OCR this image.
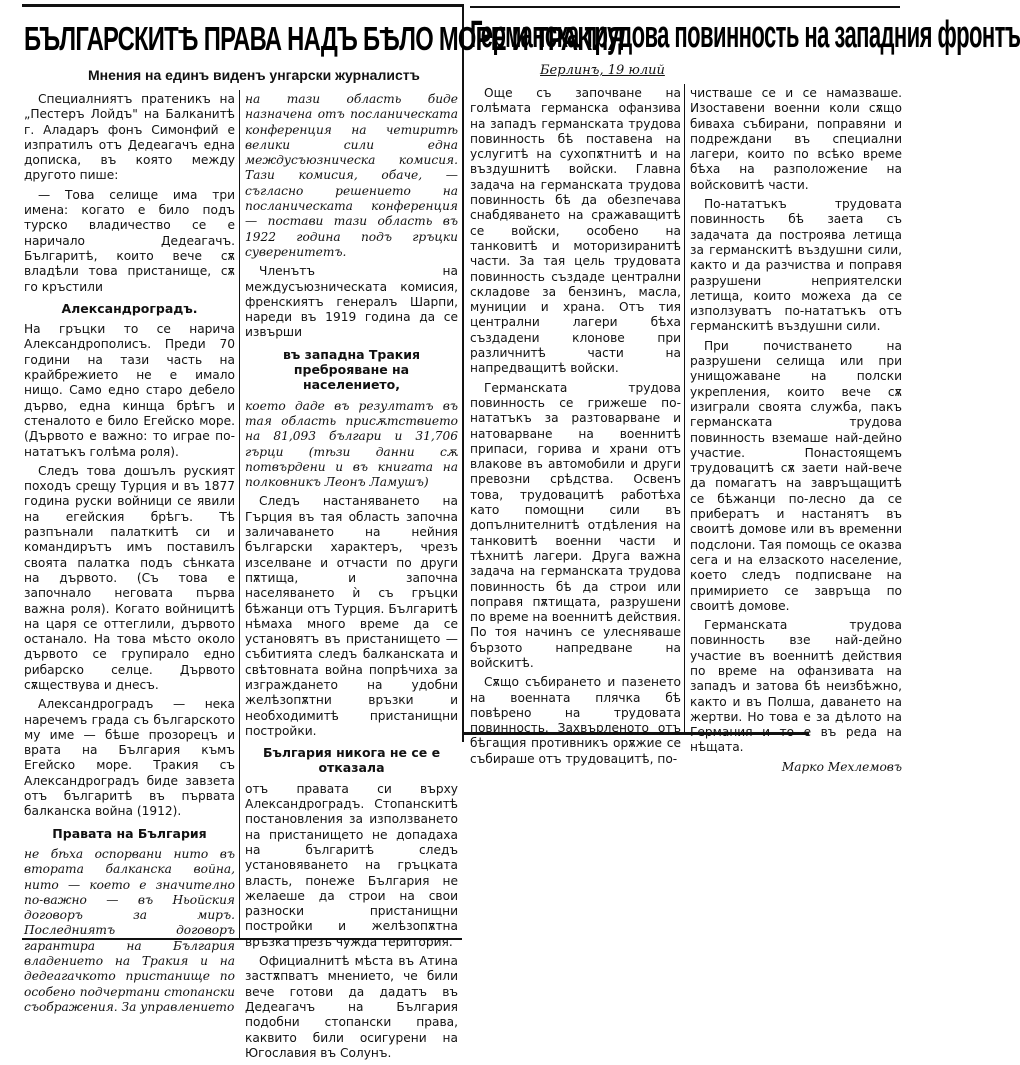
БЪЛГАРСКИТѢ ПРАВА НАДЪ БѢЛО МОРЕ И ТРАКИЯ
Мнения на единъ виденъ унгарски журналистъ

Специалниятъ пратеникъ на „Пестеръ Лойдъ" на Балканитѣ г. Аладаръ фонъ Симонфий е изпратилъ отъ Дедеагачъ една дописка, въ която между другото пише:

— Това селище има три имена: когато е било подъ турско владичество се е наричало Дедеагачъ. Българитѣ, които вече сѫ владѣли това пристанище, сѫ го кръстили

Александроградъ.

На гръцки то се нарича Александрополисъ. Преди 70 години на тази часть на крайбрежието не е имало нищо. Само едно старо дебело дърво, една кинща брѣгъ и стеналото е било Егейско море. (Дървото е важно: то играе по-нататъкъ голѣма роля).

Следъ това дошълъ руският походъ срещу Турция и въ 1877 година руски войници се явили на егейския брѣгъ. Тѣ разпънали палаткитѣ си и командирътъ имъ поставилъ своята палатка подъ сѣнката на дървото. (Съ това е започнало неговата първа важна роля). Когато войницитѣ на царя се оттеглили, дървото останало. На това мѣсто около дървото се групирало едно рибарско селце. Дървото сѫществува и днесъ.

Александроградъ — нека наречемъ града съ българското му име — бѣше прозорецъ и врата на България къмъ Егейско море. Тракия съ Александроградъ биде завзета отъ българитѣ въ първата балканска война (1912).

Правата на България

не бѣха оспорвани нито въ втората балканска война, нито — което е значително по-важно — въ Ньойския договоръ за миръ. Последниятъ договоръ гарантира на България владението на Тракия и на дедеагачкото пристанище по особено подчертани стопански съображения. За управлението

на тази область биде назначена отъ посланическата конференция на четиритѣ велики сили една междусъюзническа комисия. Тази комисия, обаче, — съгласно решението на посланическата конференция — постави тази область въ 1922 година подъ гръцки суверенитетъ.

Членътъ на междусъюзническата комисия, френскиятъ генералъ Шарпи, нареди въ 1919 година да се извърши

въ западна Тракия преброяване на населението,

което даде въ резултатъ въ тая область присѫтствието на 81,093 българи и 31,706 гърци (тѣзи данни сѫ потвърдени и въ книгата на полковникъ Леонъ Ламушъ)

Следъ настаняването на Гърция въ тая область започна заличаването на нейния български характеръ, чрезъ изселване и отчасти по други пѫтища, и започна населяването ѝ съ гръцки бѣжанци отъ Турция. Българитѣ нѣмаха много време да се установятъ въ пристанището — събитията следъ балканската и свѣтовната война попрѣчиха за изграждането на удобни желѣзопѫтни връзки и необходимитѣ пристанищни постройки.

България никога не се е отказала

отъ правата си върху Александроградъ. Стопанскитѣ постановления за използването на пристанището не допадаха на българитѣ следъ установяването на гръцката власть, понеже България не желаеше да строи на свои разноски пристанищни постройки и желѣзопѫтна връзка презъ чужда територия.

Официалнитѣ мѣста въ Атина застѫпватъ мнението, че били вече готови да дадатъ въ Дедеагачъ на България подобни стопански права, каквито били осигурени на Югославия въ Солунъ.

Германска трудова повинность на западния фронтъ
Берлинъ, 19 юлий

Още съ започване на голѣмата германска офанзива на западъ германската трудова повинность бѣ поставена на услугитѣ на сухопѫтнитѣ и на въздушнитѣ войски. Главна задача на германската трудова повинность бѣ да обезпечава снабдяването на сражаващитѣ се войски, особено на танковитѣ и моторизиранитѣ части. За тая цель трудовата повинность създаде централни складове за бензинъ, масла, муниции и храна. Отъ тия централни лагери бѣха създадени клонове при различнитѣ части на напредващитѣ войски.

Германската трудова повинность се грижеше по-нататъкъ за разтоварване и натоварване на военнитѣ припаси, горива и храни отъ влакове въ автомобили и други превозни срѣдства. Освенъ това, трудовацитѣ работѣха като помощни сили въ допълнителнитѣ отдѣления на танковитѣ военни части и тѣхнитѣ лагери. Друга важна задача на германската трудова повинность бѣ да строи или поправя пѫтищата, разрушени по време на военнитѣ действия. По тоя начинъ се улесняваше бързото напредване на войскитѣ.

Сѫщо събирането и пазенето на военната плячка бѣ повѣрено на трудовата повинность. Захвърленото отъ бѣгащия противникъ орѫжие се събираше отъ трудовацитѣ, по-

чистваше се и се намазваше. Изоставени военни коли сѫщо биваха събирани, поправяни и подреждани въ специални лагери, които по всѣко време бѣха на разположение на войсковитѣ части.

По-нататъкъ трудовата повинность бѣ заета съ задачата да построява летища за германскитѣ въздушни сили, както и да разчиства и поправя разрушени неприятелски летища, които можеха да се използуватъ по-нататъкъ отъ германскитѣ въздушни сили.

При почистването на разрушени селища или при унищожаване на полски укрепления, които вече сѫ изиграли своята служба, пакъ германската трудова повинность вземаше най-дейно участие. Понастоящемъ трудовацитѣ сѫ заети най-вече да помагатъ на завръщащитѣ се бѣжанци по-лесно да се прибератъ и настанятъ въ своитѣ домове или въ временни подслони. Тая помощь се оказва сега и на елзаското население, което следъ подписване на примирието се завръща по своитѣ домове.

Германската трудова повинность взе най-дейно участие въ военнитѣ действия по време на офанзивата на западъ и затова бѣ неизбѣжно, както и въ Полша, даването на жертви. Но това е за дѣлото на Германия и то е въ реда на нѣщата.

Марко Мехлемовъ
